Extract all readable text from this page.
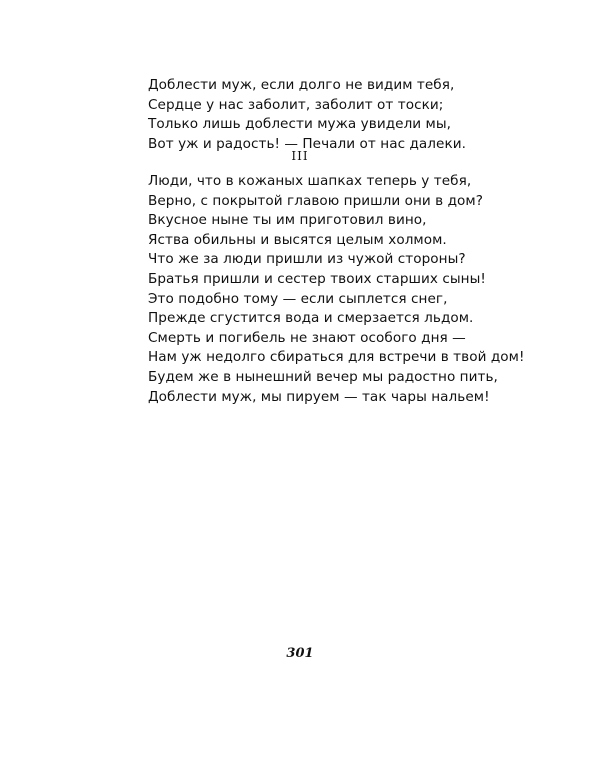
Доблести муж, если долго не видим тебя,
Сердце у нас заболит, заболит от тоски;
Только лишь доблести мужа увидели мы,
Вот уж и радость! — Печали от нас далеки.
III
Люди, что в кожаных шапках теперь у тебя,
Верно, с покрытой главою пришли они в дом?
Вкусное ныне ты им приготовил вино,
Яства обильны и высятся целым холмом.
Что же за люди пришли из чужой стороны?
Братья пришли и сестер твоих старших сыны!
Это подобно тому — если сыплется снег,
Прежде сгустится вода и смерзается льдом.
Смерть и погибель не знают особого дня —
Нам уж недолго сбираться для встречи в твой дом!
Будем же в нынешний вечер мы радостно пить,
Доблести муж, мы пируем — так чары нальем!
301
